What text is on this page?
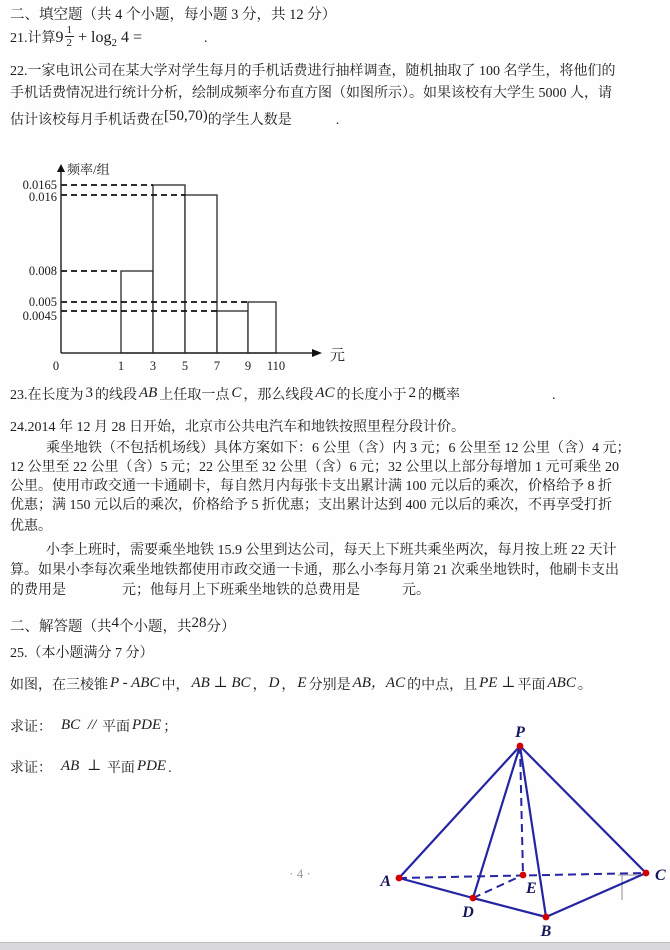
二、填空题（共 4 个小题，每小题 3 分，共 12 分）
21.计算$9 \frac{1}{2} + \log_2 4$ =	.
22.一家电讯公司在某大学对学生每月的手机话费进行抽样调查，随机抽取了 100 名学生，将他们的
手机话费情况进行统计分析，绘制成频率分布直方图（如图所示）。如果该校有大学生 5000 人，请
估计该校每月手机话费在[50,70)的学生人数是	.
频率/组
元
0.0165
0.016
0.008
0.005
0.0045
0	1 3 5 7 9 110
23.在长度为 3 的线段 AB 上任取一点 C ，那么线段 AC 的长度小于 2 的概率	.
24.2014 年 12 月 28 日开始，北京市公共电汽车和地铁按照里程分段计价。
乘坐地铁（不包括机场线）具体方案如下：6 公里（含）内 3 元；6 公里至 12 公里（含）4 元；
12 公里至 22 公里（含）5 元；22 公里至 32 公里（含）6 元；32 公里以上部分每增加 1 元可乘坐 20
公里。使用市政交通一卡通刷卡，每自然月内每张卡支出累计满 100 元以后的乘次，价格给予 8 折
优惠；满 150 元以后的乘次，价格给予 5 折优惠；支出累计达到 400 元以后的乘次，不再享受打折
优惠。
小李上班时，需要乘坐地铁 15.9 公里到达公司，每天上下班共乘坐两次，每月按上班 22 天计
算。如果小李每次乘坐地铁都使用市政交通一卡通，那么小李每月第 21 次乘坐地铁时，他刷卡支出
的费用是　　　　元；他每月上下班乘坐地铁的总费用是　　　元。
二、解答题（共4个小题，共28分）
25.（本小题满分 7 分）
如图，在三棱锥 P - ABC 中， AB ⊥ BC ， D ， E 分别是 AB，AC 的中点，且 PE ⊥ 平面 ABC 。
求证：　 BC // 平面 PDE ；
求证：　 AB ⊥ 平面 PDE .
P
A	C
B
D
E
· 4 ·
